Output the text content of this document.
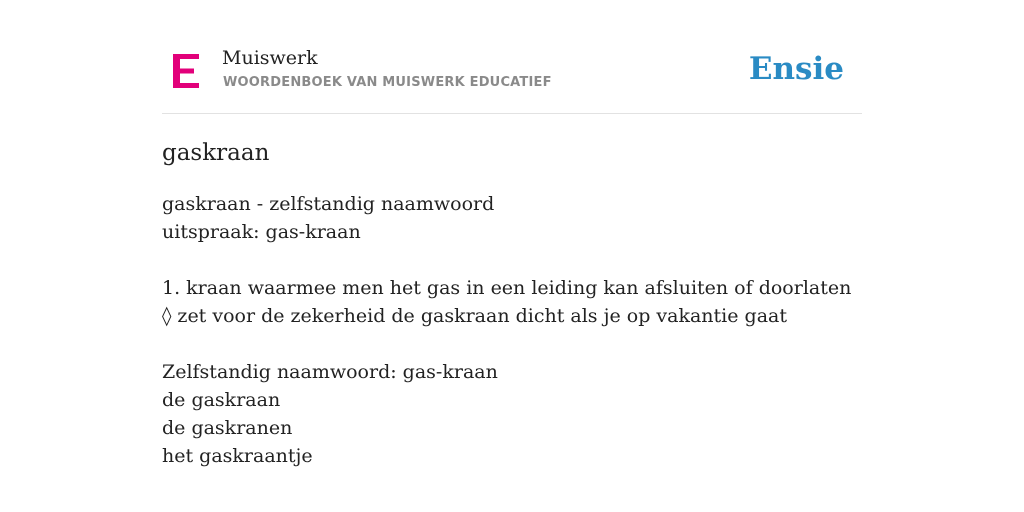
Muiswerk
WOORDENBOEK VAN MUISWERK EDUCATIEF	Ensie
gaskraan
gaskraan - zelfstandig naamwoord
uitspraak: gas-kraan
1. kraan waarmee men het gas in een leiding kan afsluiten of doorlaten
◊ zet voor de zekerheid de gaskraan dicht als je op vakantie gaat
Zelfstandig naamwoord: gas-kraan
de gaskraan
de gaskranen
het gaskraantje
